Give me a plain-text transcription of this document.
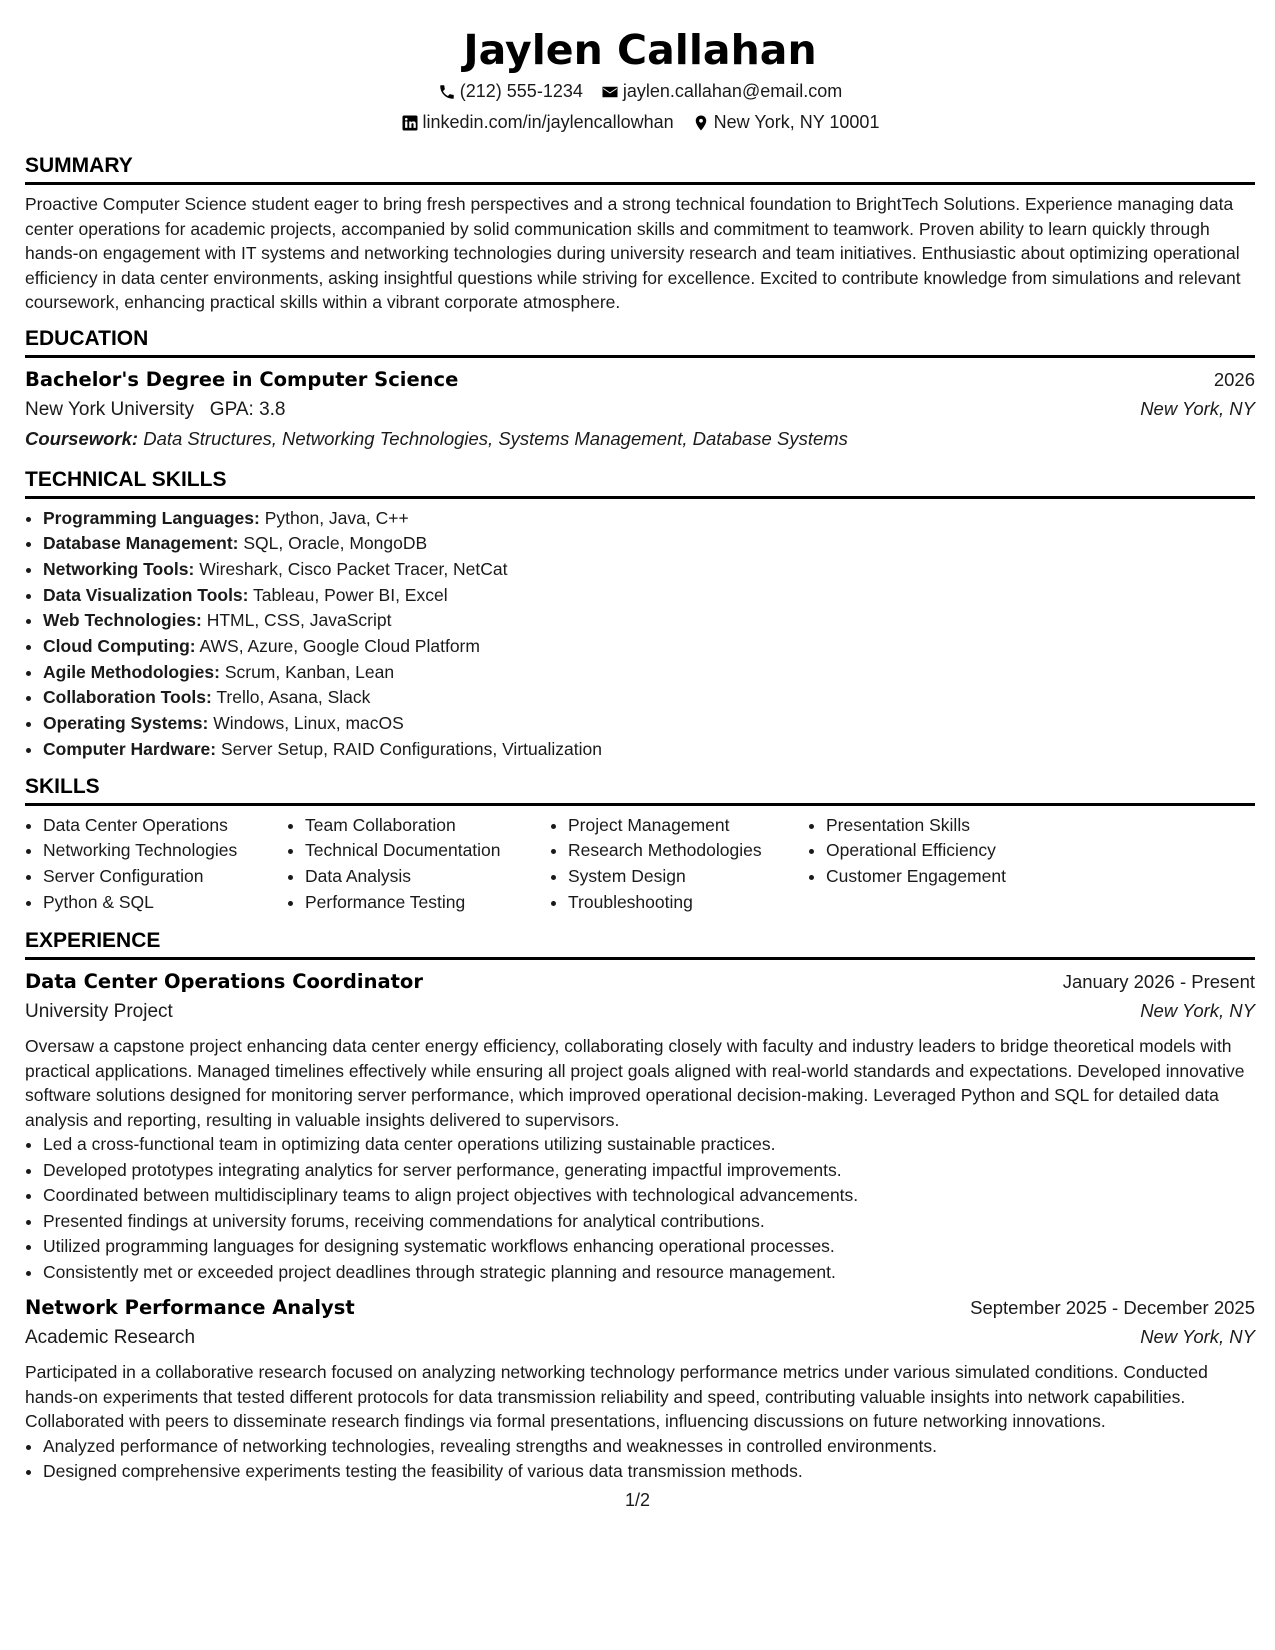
Jaylen Callahan
(212) 555-1234 jaylen.callahan@email.com
linkedin.com/in/jaylencallowhan New York, NY 10001
SUMMARY

Proactive Computer Science student eager to bring fresh perspectives and a strong technical foundation to BrightTech Solutions. Experience managing data center operations for academic projects, accompanied by solid communication skills and commitment to teamwork. Proven ability to learn quickly through hands-on engagement with IT systems and networking technologies during university research and team initiatives. Enthusiastic about optimizing operational efficiency in data center environments, asking insightful questions while striving for excellence. Excited to contribute knowledge from simulations and relevant coursework, enhancing practical skills within a vibrant corporate atmosphere.

EDUCATION
Bachelor's Degree in Computer Science	2026
New York University GPA: 3.8	New York, NY
Coursework: Data Structures, Networking Technologies, Systems Management, Database Systems
TECHNICAL SKILLS
• Programming Languages: Python, Java, C++
• Database Management: SQL, Oracle, MongoDB
• Networking Tools: Wireshark, Cisco Packet Tracer, NetCat
• Data Visualization Tools: Tableau, Power BI, Excel
• Web Technologies: HTML, CSS, JavaScript
• Cloud Computing: AWS, Azure, Google Cloud Platform
• Agile Methodologies: Scrum, Kanban, Lean
• Collaboration Tools: Trello, Asana, Slack
• Operating Systems: Windows, Linux, macOS
• Computer Hardware: Server Setup, RAID Configurations, Virtualization
SKILLS
• Data Center Operations
• Networking Technologies
• Server Configuration
• Python & SQL
• Team Collaboration
• Technical Documentation
• Data Analysis
• Performance Testing
• Project Management
• Research Methodologies
• System Design
• Troubleshooting
• Presentation Skills
• Operational Efficiency
• Customer Engagement
EXPERIENCE
Data Center Operations Coordinator	January 2026 - Present
University Project	New York, NY

Oversaw a capstone project enhancing data center energy efficiency, collaborating closely with faculty and industry leaders to bridge theoretical models with practical applications. Managed timelines effectively while ensuring all project goals aligned with real-world standards and expectations. Developed innovative software solutions designed for monitoring server performance, which improved operational decision-making. Leveraged Python and SQL for detailed data analysis and reporting, resulting in valuable insights delivered to supervisors.

• Led a cross-functional team in optimizing data center operations utilizing sustainable practices.
• Developed prototypes integrating analytics for server performance, generating impactful improvements.
• Coordinated between multidisciplinary teams to align project objectives with technological advancements.
• Presented findings at university forums, receiving commendations for analytical contributions.
• Utilized programming languages for designing systematic workflows enhancing operational processes.
• Consistently met or exceeded project deadlines through strategic planning and resource management.
Network Performance Analyst	September 2025 - December 2025
Academic Research	New York, NY

Participated in a collaborative research focused on analyzing networking technology performance metrics under various simulated conditions. Conducted hands-on experiments that tested different protocols for data transmission reliability and speed, contributing valuable insights into network capabilities. Collaborated with peers to disseminate research findings via formal presentations, influencing discussions on future networking innovations.

• Analyzed performance of networking technologies, revealing strengths and weaknesses in controlled environments.
• Designed comprehensive experiments testing the feasibility of various data transmission methods.
1/2
